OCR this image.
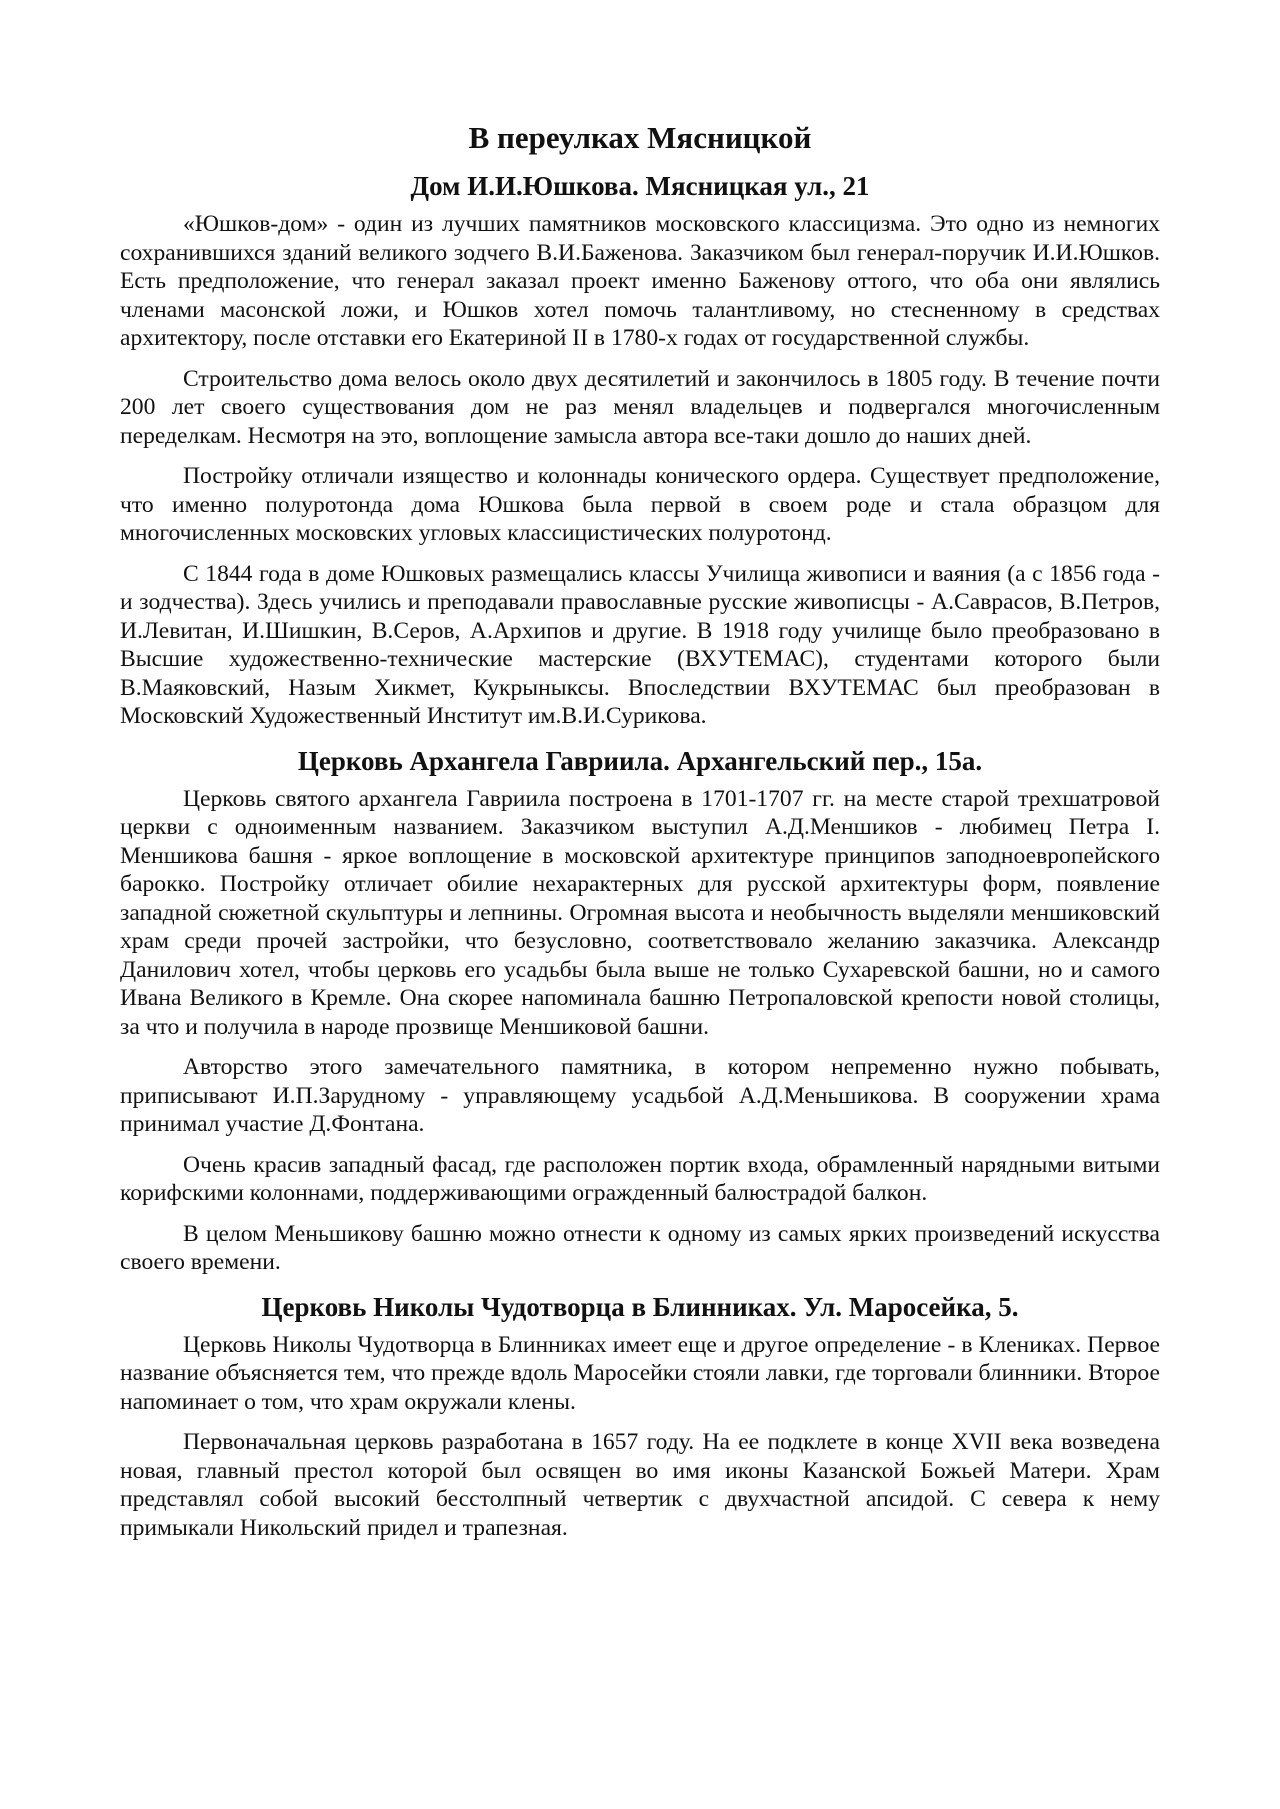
В переулках Мясницкой
Дом И.И.Юшкова. Мясницкая ул., 21

«Юшков-дом» - один из лучших памятников московского классицизма. Это одно из немногих сохранившихся зданий великого зодчего В.И.Баженова. Заказчиком был генерал-поручик И.И.Юшков. Есть предположение, что генерал заказал проект именно Баженову оттого, что оба они являлись членами масонской ложи, и Юшков хотел помочь талантливому, но стесненному в средствах архитектору, после отставки его Екатериной II в 1780-х годах от государственной службы.

Строительство дома велось около двух десятилетий и закончилось в 1805 году. В течение почти 200 лет своего существования дом не раз менял владельцев и подвергался многочисленным переделкам. Несмотря на это, воплощение замысла автора все-таки дошло до наших дней.

Постройку отличали изящество и колоннады конического ордера. Существует предположение, что именно полуротонда дома Юшкова была первой в своем роде и стала образцом для многочисленных московских угловых классицистических полуротонд.

С 1844 года в доме Юшковых размещались классы Училища живописи и ваяния (а с 1856 года - и зодчества). Здесь учились и преподавали православные русские живописцы - А.Саврасов, В.Петров, И.Левитан, И.Шишкин, В.Серов, А.Архипов и другие. В 1918 году училище было преобразовано в Высшие художественно-технические мастерские (ВХУТЕМАС), студентами которого были В.Маяковский, Назым Хикмет, Кукрыныксы. Впоследствии ВХУТЕМАС был преобразован в Московский Художественный Институт им.В.И.Сурикова.

Церковь Архангела Гавриила. Архангельский пер., 15а.

Церковь святого архангела Гавриила построена в 1701-1707 гг. на месте старой трехшатровой церкви с одноименным названием. Заказчиком выступил А.Д.Меншиков - любимец Петра I. Меншикова башня - яркое воплощение в московской архитектуре принципов заподноевропейского барокко. Постройку отличает обилие нехарактерных для русской архитектуры форм, появление западной сюжетной скульптуры и лепнины. Огромная высота и необычность выделяли меншиковский храм среди прочей застройки, что безусловно, соответствовало желанию заказчика. Александр Данилович хотел, чтобы церковь его усадьбы была выше не только Сухаревской башни, но и самого Ивана Великого в Кремле. Она скорее напоминала башню Петропаловской крепости новой столицы, за что и получила в народе прозвище Меншиковой башни.

Авторство этого замечательного памятника, в котором непременно нужно побывать, приписывают И.П.Зарудному - управляющему усадьбой А.Д.Меньшикова. В сооружении храма принимал участие Д.Фонтана.

Очень красив западный фасад, где расположен портик входа, обрамленный нарядными витыми корифскими колоннами, поддерживающими огражденный балюстрадой балкон.

В целом Меньшикову башню можно отнести к одному из самых ярких произведений искусства своего времени.

Церковь Николы Чудотворца в Блинниках. Ул. Маросейка, 5.

Церковь Николы Чудотворца в Блинниках имеет еще и другое определение - в Клениках. Первое название объясняется тем, что прежде вдоль Маросейки стояли лавки, где торговали блинники. Второе напоминает о том, что храм окружали клены.

Первоначальная церковь разработана в 1657 году. На ее подклете в конце XVII века возведена новая, главный престол которой был освящен во имя иконы Казанской Божьей Матери. Храм представлял собой высокий бесстолпный четвертик с двухчастной апсидой. С севера к нему примыкали Никольский придел и трапезная.
